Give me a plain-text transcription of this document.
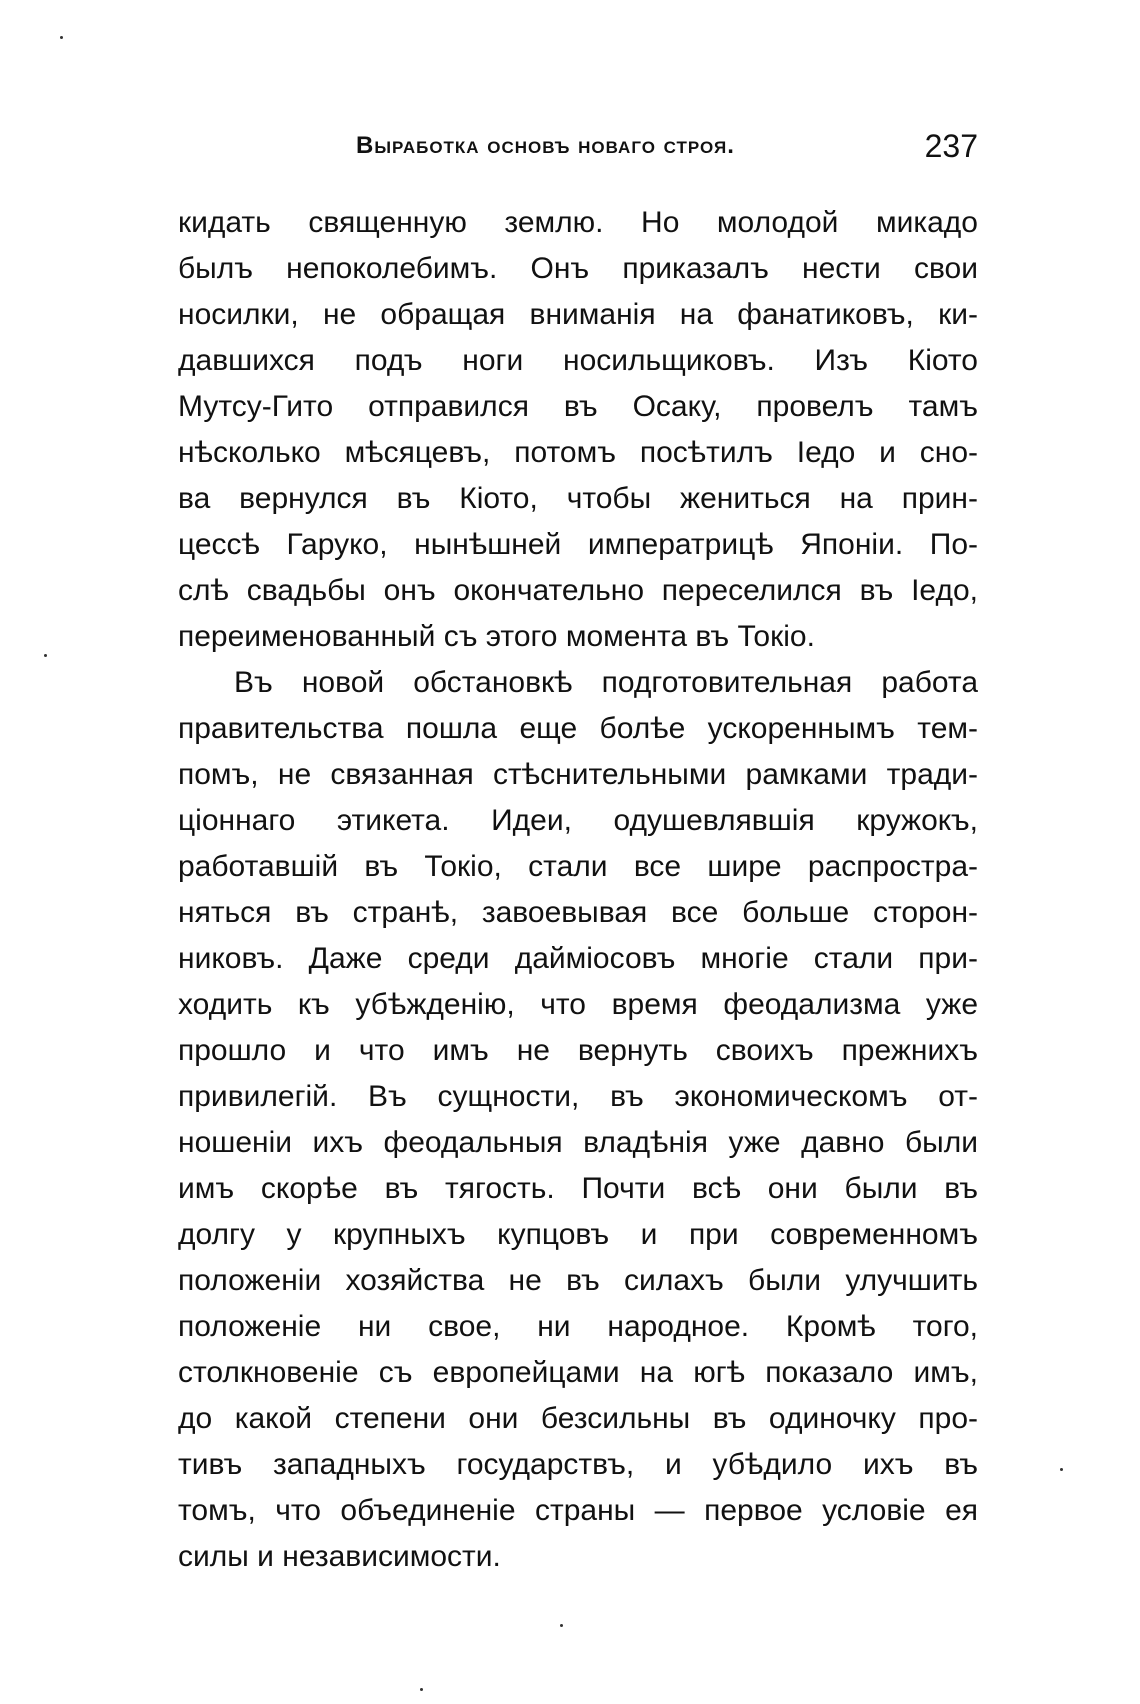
Выработка основъ новаго строя.	237
кидать священную землю. Но молодой микадо
былъ непоколебимъ. Онъ приказалъ нести свои
носилки, не обращая вниманія на фанатиковъ, ки-
давшихся подъ ноги носильщиковъ. Изъ Кіото
Мутсу-Гито отправился въ Осаку, провелъ тамъ
нѣсколько мѣсяцевъ, потомъ посѣтилъ Іедо и сно-
ва вернулся въ Кіото, чтобы жениться на прин-
цессѣ Гаруко, нынѣшней императрицѣ Японіи. По-
слѣ свадьбы онъ окончательно переселился въ Іедо,
переименованный съ этого момента въ Токіо.
Въ новой обстановкѣ подготовительная работа
правительства пошла еще болѣе ускореннымъ тем-
помъ, не связанная стѣснительными рамками тради-
ціоннаго этикета. Идеи, одушевлявшія кружокъ,
работавшій въ Токіо, стали все шире распростра-
няться въ странѣ, завоевывая все больше сторон-
никовъ. Даже среди дайміосовъ многіе стали при-
ходить къ убѣжденію, что время феодализма уже
прошло и что имъ не вернуть своихъ прежнихъ
привилегій. Въ сущности, въ экономическомъ от-
ношеніи ихъ феодальныя владѣнія уже давно были
имъ скорѣе въ тягость. Почти всѣ они были въ
долгу у крупныхъ купцовъ и при современномъ
положеніи хозяйства не въ силахъ были улучшить
положеніе ни свое, ни народное. Кромѣ того,
столкновеніе съ европейцами на югѣ показало имъ,
до какой степени они безсильны въ одиночку про-
тивъ западныхъ государствъ, и убѣдило ихъ въ
томъ, что объединеніе страны — первое условіе ея
силы и независимости.
